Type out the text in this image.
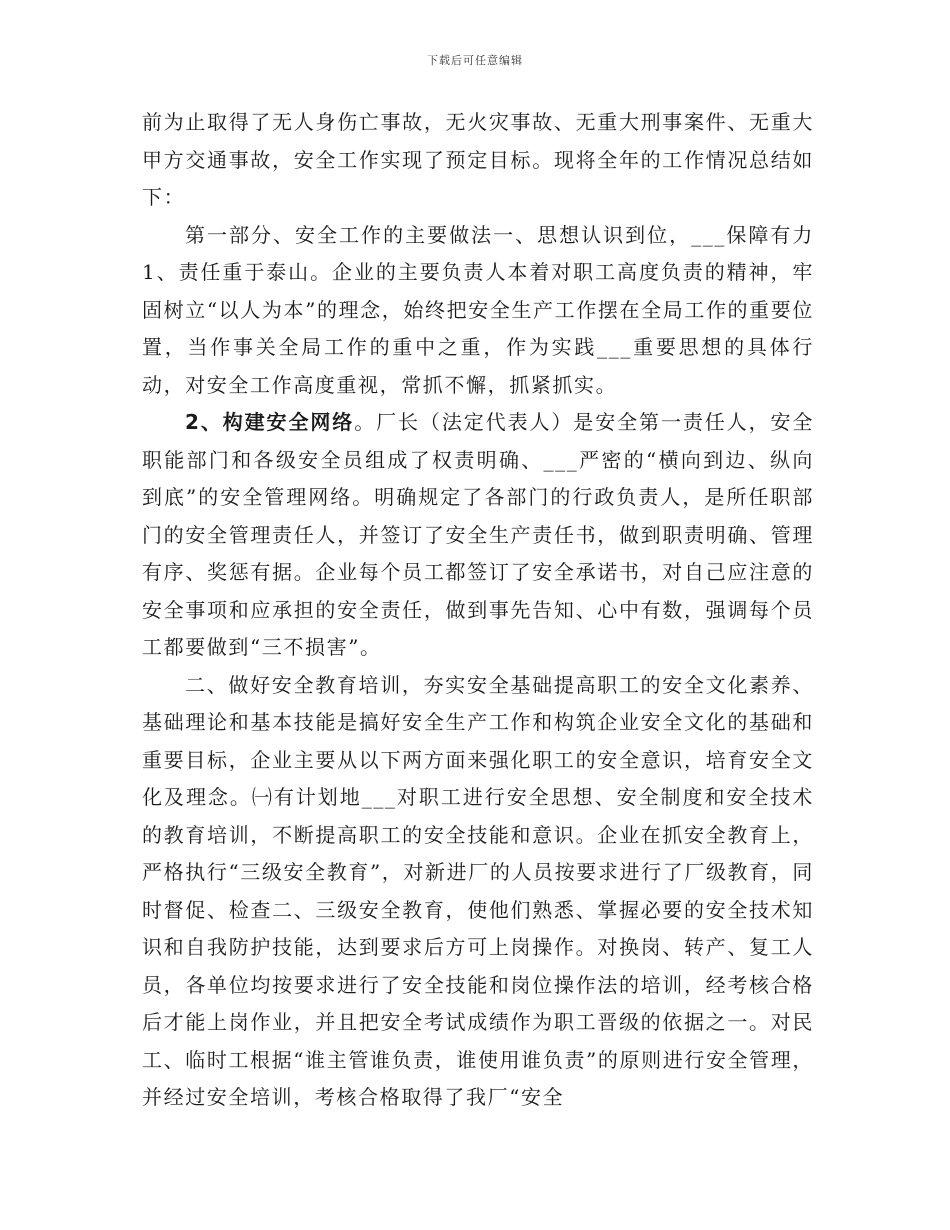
下载后可任意编辑

前为止取得了无人身伤亡事故，无火灾事故、无重大刑事案件、无重大甲方交通事故，安全工作实现了预定目标。现将全年的工作情况总结如下：

第一部分、安全工作的主要做法一、思想认识到位，___保障有力1、责任重于泰山。企业的主要负责人本着对职工高度负责的精神，牢固树立“以人为本”的理念，始终把安全生产工作摆在全局工作的重要位置，当作事关全局工作的重中之重，作为实践___重要思想的具体行动，对安全工作高度重视，常抓不懈，抓紧抓实。

2、构建安全网络。厂长（法定代表人）是安全第一责任人，安全职能部门和各级安全员组成了权责明确、___严密的“横向到边、纵向到底”的安全管理网络。明确规定了各部门的行政负责人，是所任职部门的安全管理责任人，并签订了安全生产责任书，做到职责明确、管理有序、奖惩有据。企业每个员工都签订了安全承诺书，对自己应注意的安全事项和应承担的安全责任，做到事先告知、心中有数，强调每个员工都要做到“三不损害”。

二、做好安全教育培训，夯实安全基础提高职工的安全文化素养、基础理论和基本技能是搞好安全生产工作和构筑企业安全文化的基础和重要目标，企业主要从以下两方面来强化职工的安全意识，培育安全文化及理念。㈠有计划地___对职工进行安全思想、安全制度和安全技术的教育培训，不断提高职工的安全技能和意识。企业在抓安全教育上，严格执行“三级安全教育”，对新进厂的人员按要求进行了厂级教育，同时督促、检查二、三级安全教育，使他们熟悉、掌握必要的安全技术知识和自我防护技能，达到要求后方可上岗操作。对换岗、转产、复工人员，各单位均按要求进行了安全技能和岗位操作法的培训，经考核合格后才能上岗作业，并且把安全考试成绩作为职工晋级的依据之一。对民工、临时工根据“谁主管谁负责，谁使用谁负责”的原则进行安全管理，并经过安全培训，考核合格取得了我厂“安全
